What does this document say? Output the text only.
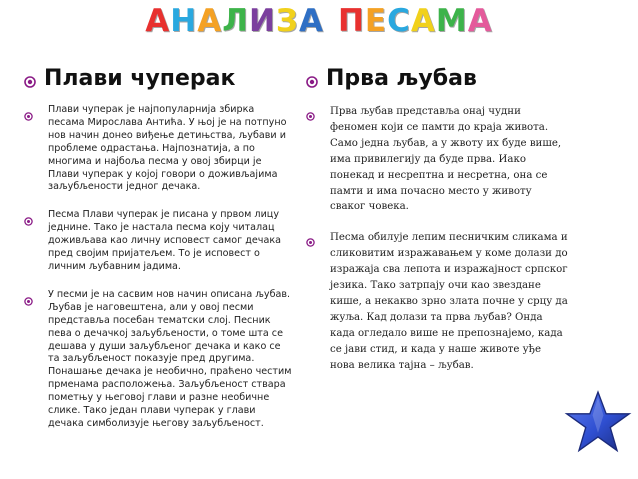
АНАЛИЗА ПЕСАМА
Плави чуперак
Плави чуперак је најпопуларнија збирка песама Мирослава Антића. У њој је на потпуно нов начин донео виђење детињства, љубави и проблеме одрастања. Најпознатија, а по многима и најбоља песма у овој збирци је Плави чуперак у којој говори о доживљајима заљубљености једног дечака.
Песма Плави чуперак је писана у првом лицу једнине. Тако је настала песма коју читалац доживљава као личну исповест самог дечака пред својим пријатељем. То је исповест о личним љубавним јадима.
У песми је на сасвим нов начин описана љубав. Љубав је наговештена, али у овој песми представља посебан тематски слој. Песник пева о дечачкој заљубљености, о томе шта се дешава у души заљубљеног дечака и како се та заљубљеност показује пред другима. Понашање дечака је необично, праћено честим прменама расположења. Заљубљеност ствара пометњу у његовој глави и разне необичне слике. Тако један плави чуперак у глави дечака симболизује његову заљубљеност.
Прва љубав
Прва љубав представља онај чудни феномен који се памти до краја живота. Само једна љубав, а у жвоту их буде више, има привилегију да буде прва. Иако понекад и несрептна и несретна, она се памти и има почасно место у животу сваког човека.
Песма обилује лепим песничким сликама и сликовитим изражавањем у коме долази до изражаја сва лепота и изражајност српског језика. Тако затрпају очи као звездане кише, а некакво зрно злата почне у срцу да жуља. Кад долази та прва љубав? Онда када огледало више не препознајемо, када се јави стид, и када у наше животе уђе нова велика тајна – љубав.
